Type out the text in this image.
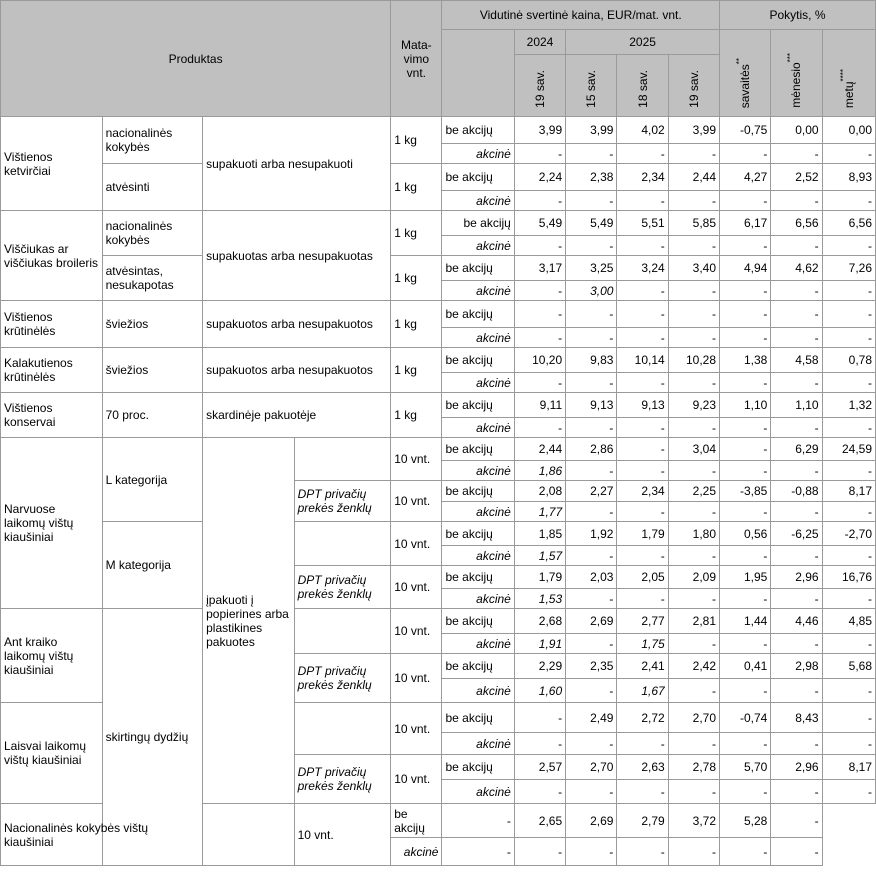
Produktas				Mata-
vimo
vnt.	Vidutinė svertinė kaina, EUR/mat. vnt.					Pokytis, %		
						2024	2025			savaitės**	mėnesio***	metų****
						19 sav.	15 sav.	18 sav.	19 sav.			
Vištienos ketvirčiai	nacionalinės kokybės	supakuoti arba nesupakuoti		1 kg	be akcijų	3,99	3,99	4,02	3,99	-0,75	0,00	0,00
					akcinė	-	-	-	-	-	-	-
	atvėsinti			1 kg	be akcijų	2,24	2,38	2,34	2,44	4,27	2,52	8,93
					akcinė	-	-	-	-	-	-	-
Viščiukas ar viščiukas broileris	nacionalinės kokybės	supakuotas arba nesupakuotas		1 kg	be akcijų	5,49	5,49	5,51	5,85	6,17	6,56	6,56
					akcinė	-	-	-	-	-	-	-
	atvėsintas, nesukapotas			1 kg	be akcijų	3,17	3,25	3,24	3,40	4,94	4,62	7,26
					akcinė	-	3,00	-	-	-	-	-
Vištienos krūtinėlės	šviežios	supakuotos arba nesupakuotos		1 kg	be akcijų	-	-	-	-	-	-	-
					akcinė	-	-	-	-	-	-	-
Kalakutienos krūtinėlės	šviežios	supakuotos arba nesupakuotos		1 kg	be akcijų	10,20	9,83	10,14	10,28	1,38	4,58	0,78
					akcinė	-	-	-	-	-	-	-
Vištienos konservai	70 proc.	skardinėje pakuotėje		1 kg	be akcijų	9,11	9,13	9,13	9,23	1,10	1,10	1,32
					akcinė	-	-	-	-	-	-	-
Narvuose laikomų vištų kiaušiniai	L kategorija	įpakuoti į popierines arba plastikines pakuotes		10 vnt.	be akcijų	2,44	2,86	-	3,04	-	6,29	24,59
					akcinė	1,86	-	-	-	-	-	-
			DPT privačių prekės ženklų	10 vnt.	be akcijų	2,08	2,27	2,34	2,25	-3,85	-0,88	8,17
					akcinė	1,77	-	-	-	-	-	-
	M kategorija			10 vnt.	be akcijų	1,85	1,92	1,79	1,80	0,56	-6,25	-2,70
					akcinė	1,57	-	-	-	-	-	-
			DPT privačių prekės ženklų	10 vnt.	be akcijų	1,79	2,03	2,05	2,09	1,95	2,96	16,76
					akcinė	1,53	-	-	-	-	-	-
Ant kraiko laikomų vištų kiaušiniai	skirtingų dydžių			10 vnt.	be akcijų	2,68	2,69	2,77	2,81	1,44	4,46	4,85
					akcinė	1,91	-	1,75	-	-	-	-
			DPT privačių prekės ženklų	10 vnt.	be akcijų	2,29	2,35	2,41	2,42	0,41	2,98	5,68
					akcinė	1,60	-	1,67	-	-	-	-
Laisvai laikomų vištų kiaušiniai				10 vnt.	be akcijų	-	2,49	2,72	2,70	-0,74	8,43	-
					akcinė	-	-	-	-	-	-	-
			DPT privačių prekės ženklų	10 vnt.	be akcijų	2,57	2,70	2,63	2,78	5,70	2,96	8,17
					akcinė	-	-	-	-	-	-	-
Nacionalinės kokybės vištų kiaušiniai			10 vnt.	be akcijų	-	2,65	2,69	2,79	3,72	5,28	-	
				akcinė	-	-	-	-	-	-	-	
